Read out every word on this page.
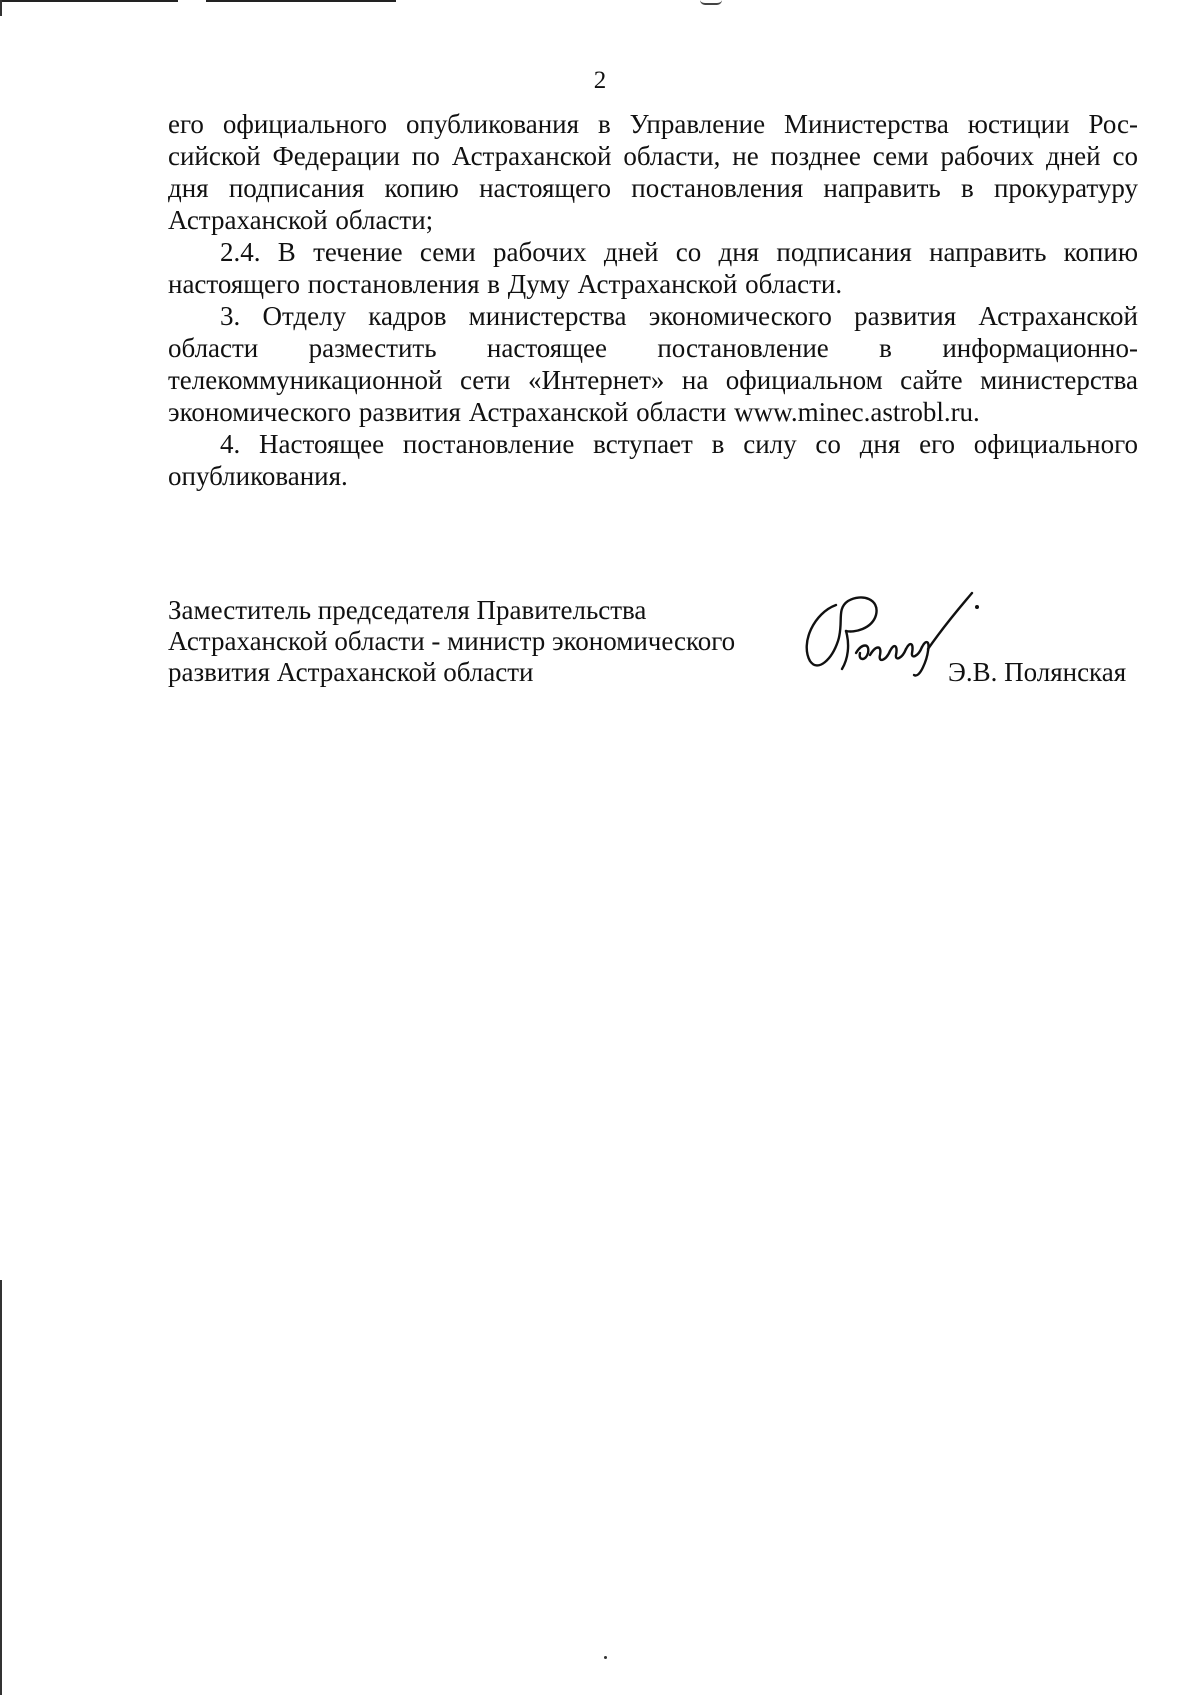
2

его официального опубликования в Управление Министерства юстиции Российской Федерации по Астраханской области, не позднее семи рабочих дней со дня подписания копию настоящего постановления направить в прокуратуру Астраханской области;

2.4. В течение семи рабочих дней со дня подписания направить копию настоящего постановления в Думу Астраханской области.

3. Отделу кадров министерства экономического развития Астраханской области разместить настоящее постановление в информационно-телекоммуникационной сети «Интернет» на официальном сайте министерства экономического развития Астраханской области www.minec.astrobl.ru.

4. Настоящее постановление вступает в силу со дня его официального опубликования.

Заместитель председателя Правительства
Астраханской области - министр экономического
развития Астраханской области	Э.В. Полянская
